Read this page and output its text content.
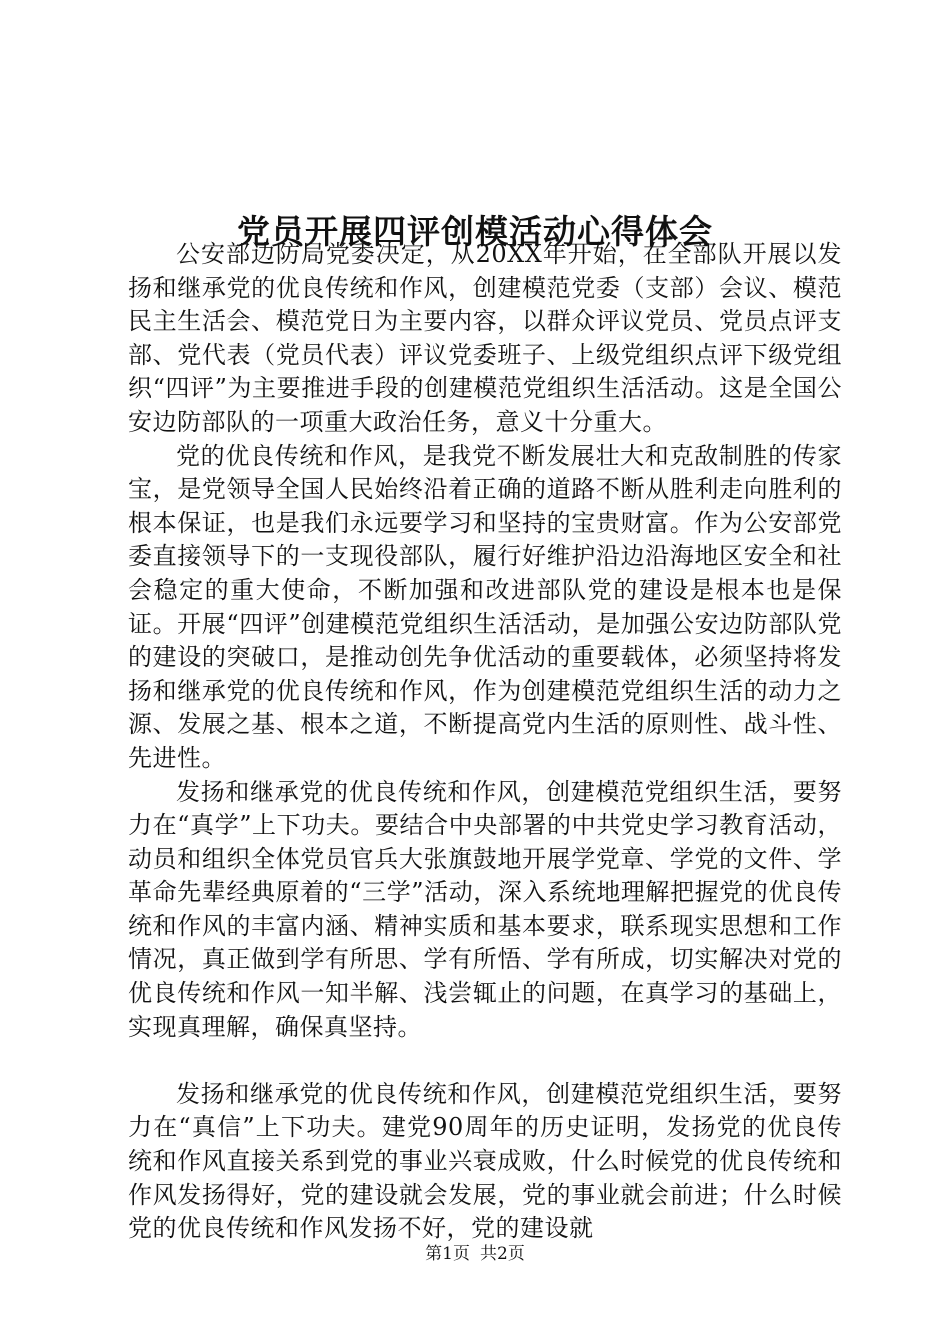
党员开展四评创模活动心得体会

公安部边防局党委决定，从20XX年开始，在全部队开展以发扬和继承党的优良传统和作风，创建模范党委（支部）会议、模范民主生活会、模范党日为主要内容，以群众评议党员、党员点评支部、党代表（党员代表）评议党委班子、上级党组织点评下级党组织“四评”为主要推进手段的创建模范党组织生活活动。这是全国公安边防部队的一项重大政治任务，意义十分重大。

党的优良传统和作风，是我党不断发展壮大和克敌制胜的传家宝，是党领导全国人民始终沿着正确的道路不断从胜利走向胜利的根本保证，也是我们永远要学习和坚持的宝贵财富。作为公安部党委直接领导下的一支现役部队，履行好维护沿边沿海地区安全和社会稳定的重大使命，不断加强和改进部队党的建设是根本也是保证。开展“四评”创建模范党组织生活活动，是加强公安边防部队党的建设的突破口，是推动创先争优活动的重要载体，必须坚持将发扬和继承党的优良传统和作风，作为创建模范党组织生活的动力之源、发展之基、根本之道，不断提高党内生活的原则性、战斗性、先进性。

发扬和继承党的优良传统和作风，创建模范党组织生活，要努力在“真学”上下功夫。要结合中央部署的中共党史学习教育活动，动员和组织全体党员官兵大张旗鼓地开展学党章、学党的文件、学革命先辈经典原着的“三学”活动，深入系统地理解把握党的优良传统和作风的丰富内涵、精神实质和基本要求，联系现实思想和工作情况，真正做到学有所思、学有所悟、学有所成，切实解决对党的优良传统和作风一知半解、浅尝辄止的问题，在真学习的基础上，实现真理解，确保真坚持。

发扬和继承党的优良传统和作风，创建模范党组织生活，要努力在“真信”上下功夫。建党90周年的历史证明，发扬党的优良传统和作风直接关系到党的事业兴衰成败，什么时候党的优良传统和作风发扬得好，党的建设就会发展，党的事业就会前进；什么时候党的优良传统和作风发扬不好，党的建设就

第1页 共2页
